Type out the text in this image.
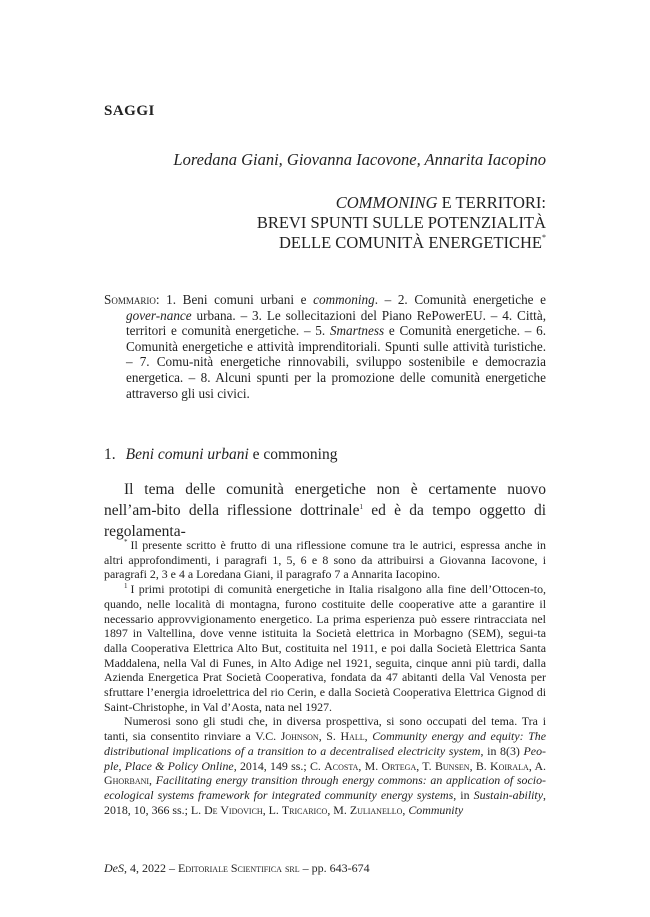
SAGGI

Loredana Giani, Giovanna Iacovone, Annarita Iacopino

COMMONING E TERRITORI:
BREVI SPUNTI SULLE POTENZIALITÀ
DELLE COMUNITÀ ENERGETICHE*

Sommario: 1. Beni comuni urbani e commoning. – 2. Comunità energetiche e gover-nance urbana. – 3. Le sollecitazioni del Piano RePowerEU. – 4. Città, territori e comunità energetiche. – 5. Smartness e Comunità energetiche. – 6. Comunità energetiche e attività imprenditoriali. Spunti sulle attività turistiche. – 7. Comu-nità energetiche rinnovabili, sviluppo sostenibile e democrazia energetica. – 8. Alcuni spunti per la promozione delle comunità energetiche attraverso gli usi civici.

1. Beni comuni urbani e commoning

Il tema delle comunità energetiche non è certamente nuovo nell’am-bito della riflessione dottrinale$^1$ ed è da tempo oggetto di regolamenta-

* Il presente scritto è frutto di una riflessione comune tra le autrici, espressa anche in altri approfondimenti, i paragrafi 1, 5, 6 e 8 sono da attribuirsi a Giovanna Iacovone, i paragrafi 2, 3 e 4 a Loredana Giani, il paragrafo 7 a Annarita Iacopino.

$^1$ I primi prototipi di comunità energetiche in Italia risalgono alla fine dell’Ottocen-to, quando, nelle località di montagna, furono costituite delle cooperative atte a garantire il necessario approvvigionamento energetico. La prima esperienza può essere rintracciata nel 1897 in Valtellina, dove venne istituita la Società elettrica in Morbagno (SEM), segui-ta dalla Cooperativa Elettrica Alto But, costituita nel 1911, e poi dalla Società Elettrica Santa Maddalena, nella Val di Funes, in Alto Adige nel 1921, seguita, cinque anni più tardi, dalla Azienda Energetica Prat Società Cooperativa, fondata da 47 abitanti della Val Venosta per sfruttare l’energia idroelettrica del rio Cerin, e dalla Società Cooperativa Elettrica Gignod di Saint-Christophe, in Val d’Aosta, nata nel 1927.

Numerosi sono gli studi che, in diversa prospettiva, si sono occupati del tema. Tra i tanti, sia consentito rinviare a V.C. Johnson, S. Hall, Community energy and equity: The distributional implications of a transition to a decentralised electricity system, in 8(3) Peo-ple, Place & Policy Online, 2014, 149 ss.; C. Acosta, M. Ortega, T. Bunsen, B. Koirala, A. Ghorbani, Facilitating energy transition through energy commons: an application of socio-ecological systems framework for integrated community energy systems, in Sustain-ability, 2018, 10, 366 ss.; L. De Vidovich, L. Tricarico, M. Zulianello, Community

DeS, 4, 2022 – Editoriale Scientifica srl – pp. 643-674
